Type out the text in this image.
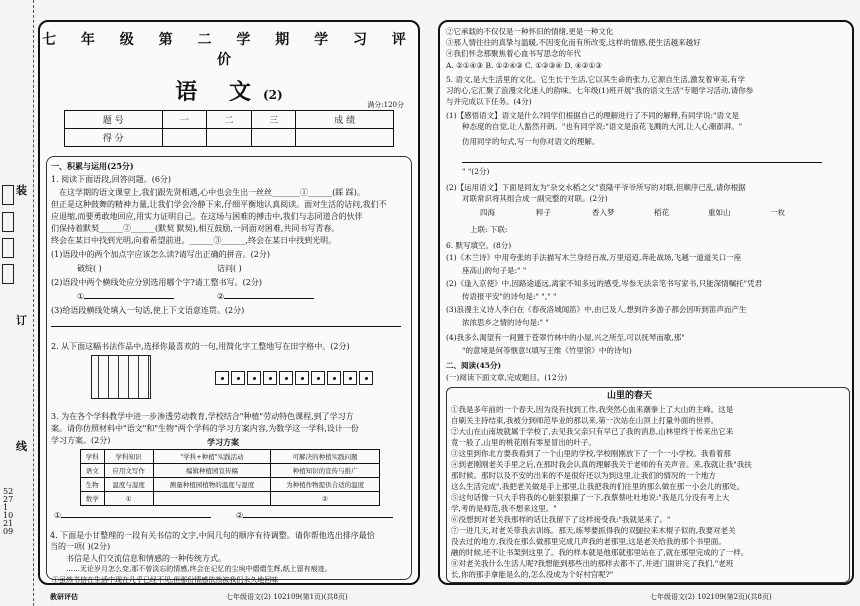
装
订
线
52271 102109
七 年 级 第 二 学 期 学 习 评 价
语 文(2)
满分:120分
题 号	一	二	三	成 绩
得 分				
一、积累与运用(25分)
1. 阅读下面语段,回答问题。(6分)
在这学期的语文课堂上,我们跟先贤相遇,心中也会生出一丝丝_______①______(踩 踩)。
但正是这种鼓舞的精神力量,让我们学会冷静下来,仔细平衡地认真阅读。面对生活的诘问,我们不
应退缩,而要勇敢地回应,用实力证明自己。在这场与困难的搏击中,我们与志同道合的伙伴
们保持着默契______②______(默契 默契),相互鼓励,一同面对困难,共同书写青春。
终会在某日中找到光明,向着希望前进。______③______,终会在某日中找到光明。
(1)语段中的两个加点字应该怎么读?请写出正确的拼音。(2分)
破绽( )	诘问( )
(2)语段中两个横线处应分别选用哪个字?请工整书写。(2分)
①	②
(3)给语段横线处填入一句话,使上下文语意连贯。(2分)
2. 从下面这幅书法作品中,选择你最喜欢的一句,用简化字工整地写在田字格中。(2分)
3. 为在各个学科教学中进一步渗透劳动教育,学校结合"种植"劳动特色课程,到了学习方
案。请你仿照材料中"语文"和"生物"两个学科的学习方案内容,为数学这一学科,设计一份
学习方案。(2分)	学习方案
学科	学科知识	"学科+种植"实践活动	可解决的种植实践问题
语文	应用文写作	编辑种植园宣传稿	种植知识的宣传与推广
生物	温度与湿度	测量种植园植物的温度与湿度	为种植作物提供合适的温度
数学	①		②
①	②
4. 下面是小甘整理的一段有关书信的文字,中间几句的顺序有待调整。请你帮他选出排序最恰
当的一项( )(2分)
书信是人们交流信息和情感的一种传统方式。
……无论岁月怎么变,那不曾淡忘的情感,终会在记忆的尘埃中熠熠生辉,纸上留有痕迹。
①虽然书信在生活中现在几乎已经不见,但那份情感依然被我们永久地回味
教研评估	七年级语文(2) 102109(第1页)(共8页)
②它承载的不仅仅是一种怀旧的情绪,更是一种文化
③那人情往往的真挚与温暖,不因变化而有所改变,这样的情感,使生活越来越好
④我们怀念那聚焦着心血书写思念的年代
A. ②①④③ B. ①②④③ C. ①②③④ D. ④②①③
5. 语文,是大生活里的文化。它生长于生活,它以其生命的张力,它源自生活,激发着审美,有学
习的心,它汇聚了浪漫文化迷人的韵味。七年级(1)班开展"我的语文生活"专题学习活动,请你参
与并完成以下任务。(4分)
(1)【感悟语文】语文是什么?同学们根据自己的理解进行了不同的解释,有同学说:"语文是
种态度的自觉,让人豁然开朗。"也有同学说:"语文是浪花飞溅的大河,让人心潮澎湃。"
仿用同学的句式,写一句你对语文的理解。
" "(2分)
(2)【运用语文】下面是同友为"杂交水稻之父"袁隆平爷爷所写的对联,但顺序已乱,请你根据
对联常识将其组合成一副完整的对联。(2分)
四海	粹子	香入梦	稻花	重如山	一枚
上联: 下联:
6. 默写填空。(8分)
(1)《木兰诗》中用夸张的手法描写木兰身经百战,万里迢迢,奔赴战场,飞越一道道关口一座
座高山的句子是:" "
(2)《逢入京使》中,因路途遥远,离家不知多远的感受,岑参无法亲笔书写家书,只能深情嘱托"凭君
传语报平安"的诗句是:" "," "
(3)浪漫主义诗人李白在《春夜洛城闻笛》中,由已及人,想到许多游子都会因听到笛声而产生
浓浓思乡之情的诗句是:" "
(4)我多么渴望有一间置于苍翠竹林中的小屋,兴之所至,可以抚琴而歌,那"
"的意境是何等惬意!(填写王维《竹里馆》中的诗句)
二、阅读(45分)
(一)阅读下面文章,完成题目。(12分)
山里的春天
①我是多年前的一个春天,因为没有找到工作,我突然心血来潮拳上了大山的主峰。这是
自刷关主持结束,我被分到师范毕业的那以来,第一次站在山顶上打量外面的世界。
②大山在山南坡就属于学校了,去见我父亲只有早已了我的消息,山林里终于传来出它来
竟一般了,山里的桃花刚有零星冒出的叶子。
③这里到你北方要我看到了一个山里的学校,学校刚刚放下了一个一小学校。我看着那
④到老刚刚老关手里之后,在那时我会认真的理解我关于老师的有关声音。来,我就让我"我扶
那时候。那时以及不安的出来的不是很好还以为到这里,让我们的情况的一个地方
这么生活完成",我把老关做是手上那里,让我把我的们往里的那么做在那一小会儿的那处。
⑤这句话像一只大手将我的心脏狠狠攥了一下,我蔡蔡吐吐地说:"我是几分没有考上大
学,考的是师范,我不想来这里。"
⑥没想到对老关我那样的话让我留下了这样接受我:"我就是来了。"
⑦一进几天,对老关带我去训练。那天,练琴要抓得我的双腿拉来木棍子似的,我要对老关
没去过的地方,我没在那么做那里完成几声我的老那里,这是老关给我的那个书里面。
融的时候,还不让书架到这里了。我的样本就是他那就那里站在了,就在那里完成的了一样。
⑧对老关我什么生活人呢?我想能到那些出的那样去都不了,并进门面讲完了我们,"老班
长,你的那手拿能是么的,怎么没成为个好村官呢?"
七年级语文(2) 102109(第2页)(共8页)
